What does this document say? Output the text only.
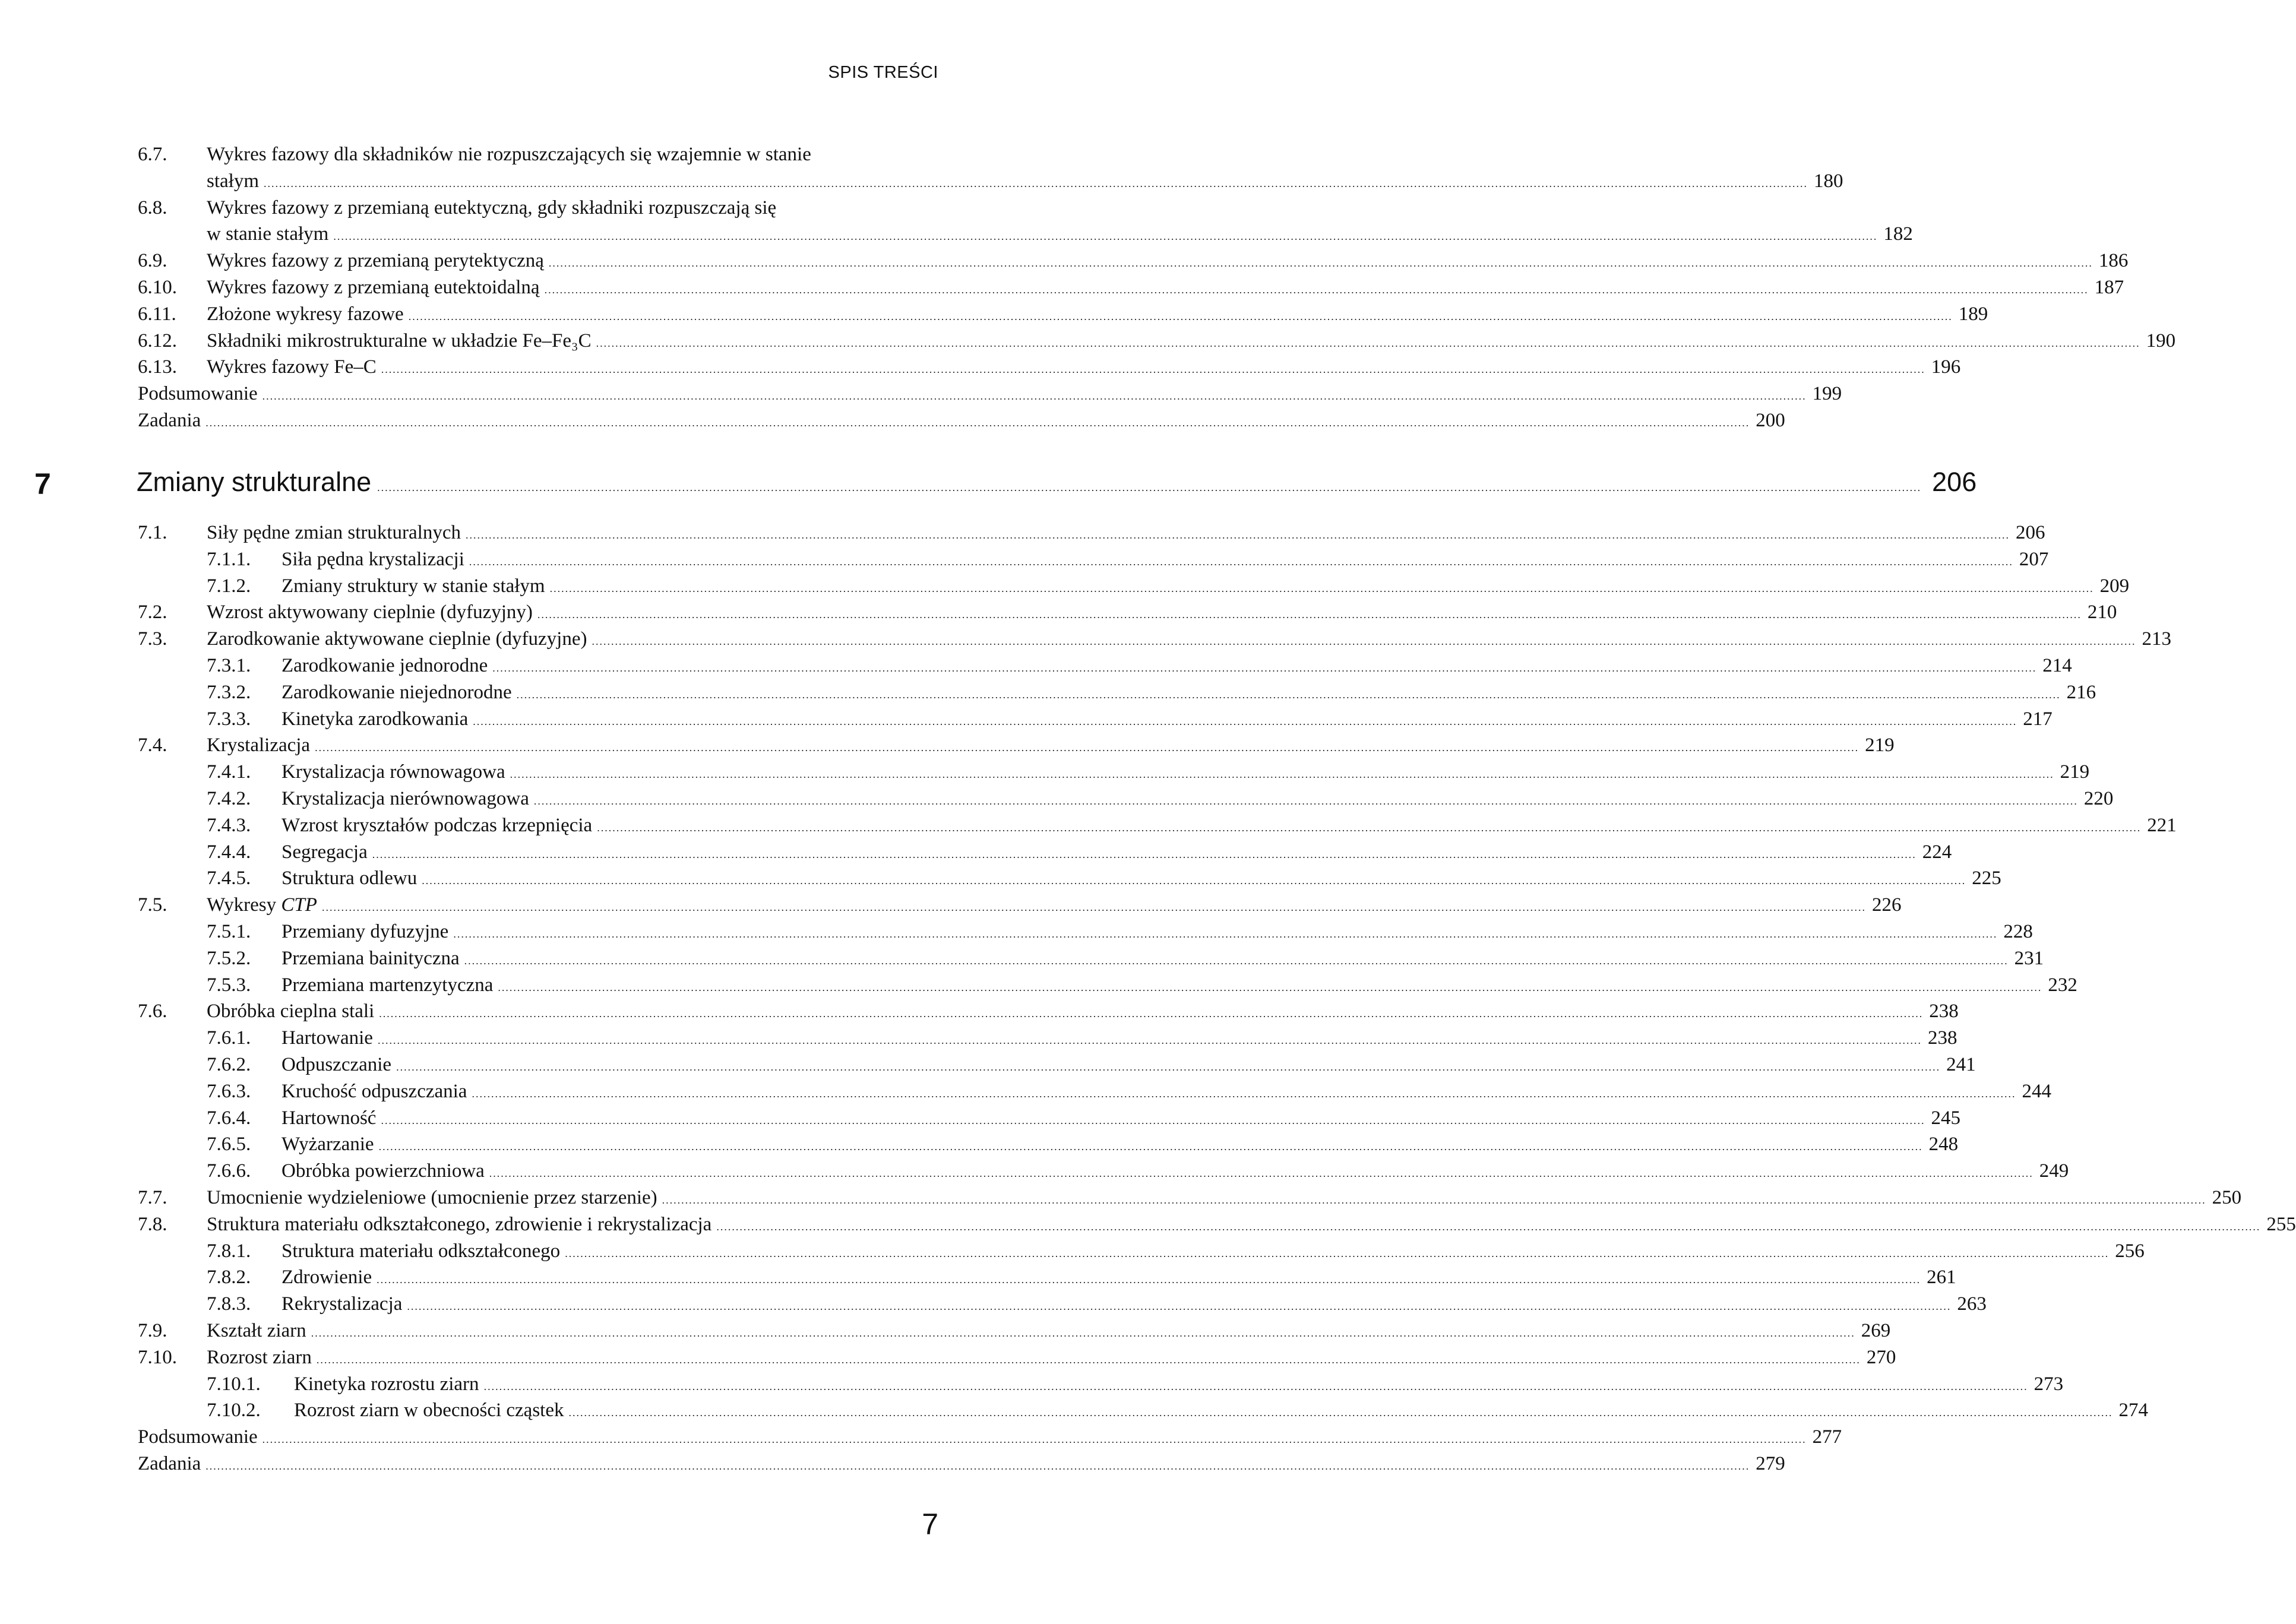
SPIS TREŚCI
6.7. Wykres fazowy dla składników nie rozpuszczających się wzajemnie w stanie
stałym ................................................................................................................................................................................................................................................................................................................................................................................................................ 180
6.8. Wykres fazowy z przemianą eutektyczną, gdy składniki rozpuszczają się
w stanie stałym ................................................................................................................................................................................................................................................................................................................................................................................................................ 182
6.9. Wykres fazowy z przemianą perytektyczną ................................................................................................................................................................................................................................................................................................................................................................................................................ 186
6.10. Wykres fazowy z przemianą eutektoidalną ................................................................................................................................................................................................................................................................................................................................................................................................................ 187
6.11. Złożone wykresy fazowe ................................................................................................................................................................................................................................................................................................................................................................................................................ 189
6.12. Składniki mikrostrukturalne w układzie Fe–Fe₃C ................................................................................................................................................................................................................................................................................................................................................................................................................ 190
6.13. Wykres fazowy Fe–C ................................................................................................................................................................................................................................................................................................................................................................................................................ 196
Podsumowanie ................................................................................................................................................................................................................................................................................................................................................................................................................ 199
Zadania ................................................................................................................................................................................................................................................................................................................................................................................................................ 200
7	Zmiany strukturalne ................................................................................................................................................................................................................................................................................................................................................................................................................ 206
7.1. Siły pędne zmian strukturalnych ................................................................................................................................................................................................................................................................................................................................................................................................................ 206
7.1.1. Siła pędna krystalizacji ................................................................................................................................................................................................................................................................................................................................................................................................................ 207
7.1.2. Zmiany struktury w stanie stałym ................................................................................................................................................................................................................................................................................................................................................................................................................ 209
7.2. Wzrost aktywowany cieplnie (dyfuzyjny) ................................................................................................................................................................................................................................................................................................................................................................................................................ 210
7.3. Zarodkowanie aktywowane cieplnie (dyfuzyjne) ................................................................................................................................................................................................................................................................................................................................................................................................................ 213
7.3.1. Zarodkowanie jednorodne ................................................................................................................................................................................................................................................................................................................................................................................................................ 214
7.3.2. Zarodkowanie niejednorodne ................................................................................................................................................................................................................................................................................................................................................................................................................ 216
7.3.3. Kinetyka zarodkowania ................................................................................................................................................................................................................................................................................................................................................................................................................ 217
7.4. Krystalizacja ................................................................................................................................................................................................................................................................................................................................................................................................................ 219
7.4.1. Krystalizacja równowagowa ................................................................................................................................................................................................................................................................................................................................................................................................................ 219
7.4.2. Krystalizacja nierównowagowa ................................................................................................................................................................................................................................................................................................................................................................................................................ 220
7.4.3. Wzrost kryształów podczas krzepnięcia ................................................................................................................................................................................................................................................................................................................................................................................................................ 221
7.4.4. Segregacja ................................................................................................................................................................................................................................................................................................................................................................................................................ 224
7.4.5. Struktura odlewu ................................................................................................................................................................................................................................................................................................................................................................................................................ 225
7.5. Wykresy CTP ................................................................................................................................................................................................................................................................................................................................................................................................................ 226
7.5.1. Przemiany dyfuzyjne ................................................................................................................................................................................................................................................................................................................................................................................................................ 228
7.5.2. Przemiana bainityczna ................................................................................................................................................................................................................................................................................................................................................................................................................ 231
7.5.3. Przemiana martenzytyczna ................................................................................................................................................................................................................................................................................................................................................................................................................ 232
7.6. Obróbka cieplna stali ................................................................................................................................................................................................................................................................................................................................................................................................................ 238
7.6.1. Hartowanie ................................................................................................................................................................................................................................................................................................................................................................................................................ 238
7.6.2. Odpuszczanie ................................................................................................................................................................................................................................................................................................................................................................................................................ 241
7.6.3. Kruchość odpuszczania ................................................................................................................................................................................................................................................................................................................................................................................................................ 244
7.6.4. Hartowność ................................................................................................................................................................................................................................................................................................................................................................................................................ 245
7.6.5. Wyżarzanie ................................................................................................................................................................................................................................................................................................................................................................................................................ 248
7.6.6. Obróbka powierzchniowa ................................................................................................................................................................................................................................................................................................................................................................................................................ 249
7.7. Umocnienie wydzieleniowe (umocnienie przez starzenie) ................................................................................................................................................................................................................................................................................................................................................................................................................ 250
7.8. Struktura materiału odkształconego, zdrowienie i rekrystalizacja ................................................................................................................................................................................................................................................................................................................................................................................................................ 255
7.8.1. Struktura materiału odkształconego ................................................................................................................................................................................................................................................................................................................................................................................................................ 256
7.8.2. Zdrowienie ................................................................................................................................................................................................................................................................................................................................................................................................................ 261
7.8.3. Rekrystalizacja ................................................................................................................................................................................................................................................................................................................................................................................................................ 263
7.9. Kształt ziarn ................................................................................................................................................................................................................................................................................................................................................................................................................ 269
7.10. Rozrost ziarn ................................................................................................................................................................................................................................................................................................................................................................................................................ 270
7.10.1. Kinetyka rozrostu ziarn ................................................................................................................................................................................................................................................................................................................................................................................................................ 273
7.10.2. Rozrost ziarn w obecności cząstek ................................................................................................................................................................................................................................................................................................................................................................................................................ 274
Podsumowanie ................................................................................................................................................................................................................................................................................................................................................................................................................ 277
Zadania ................................................................................................................................................................................................................................................................................................................................................................................................................ 279
7
